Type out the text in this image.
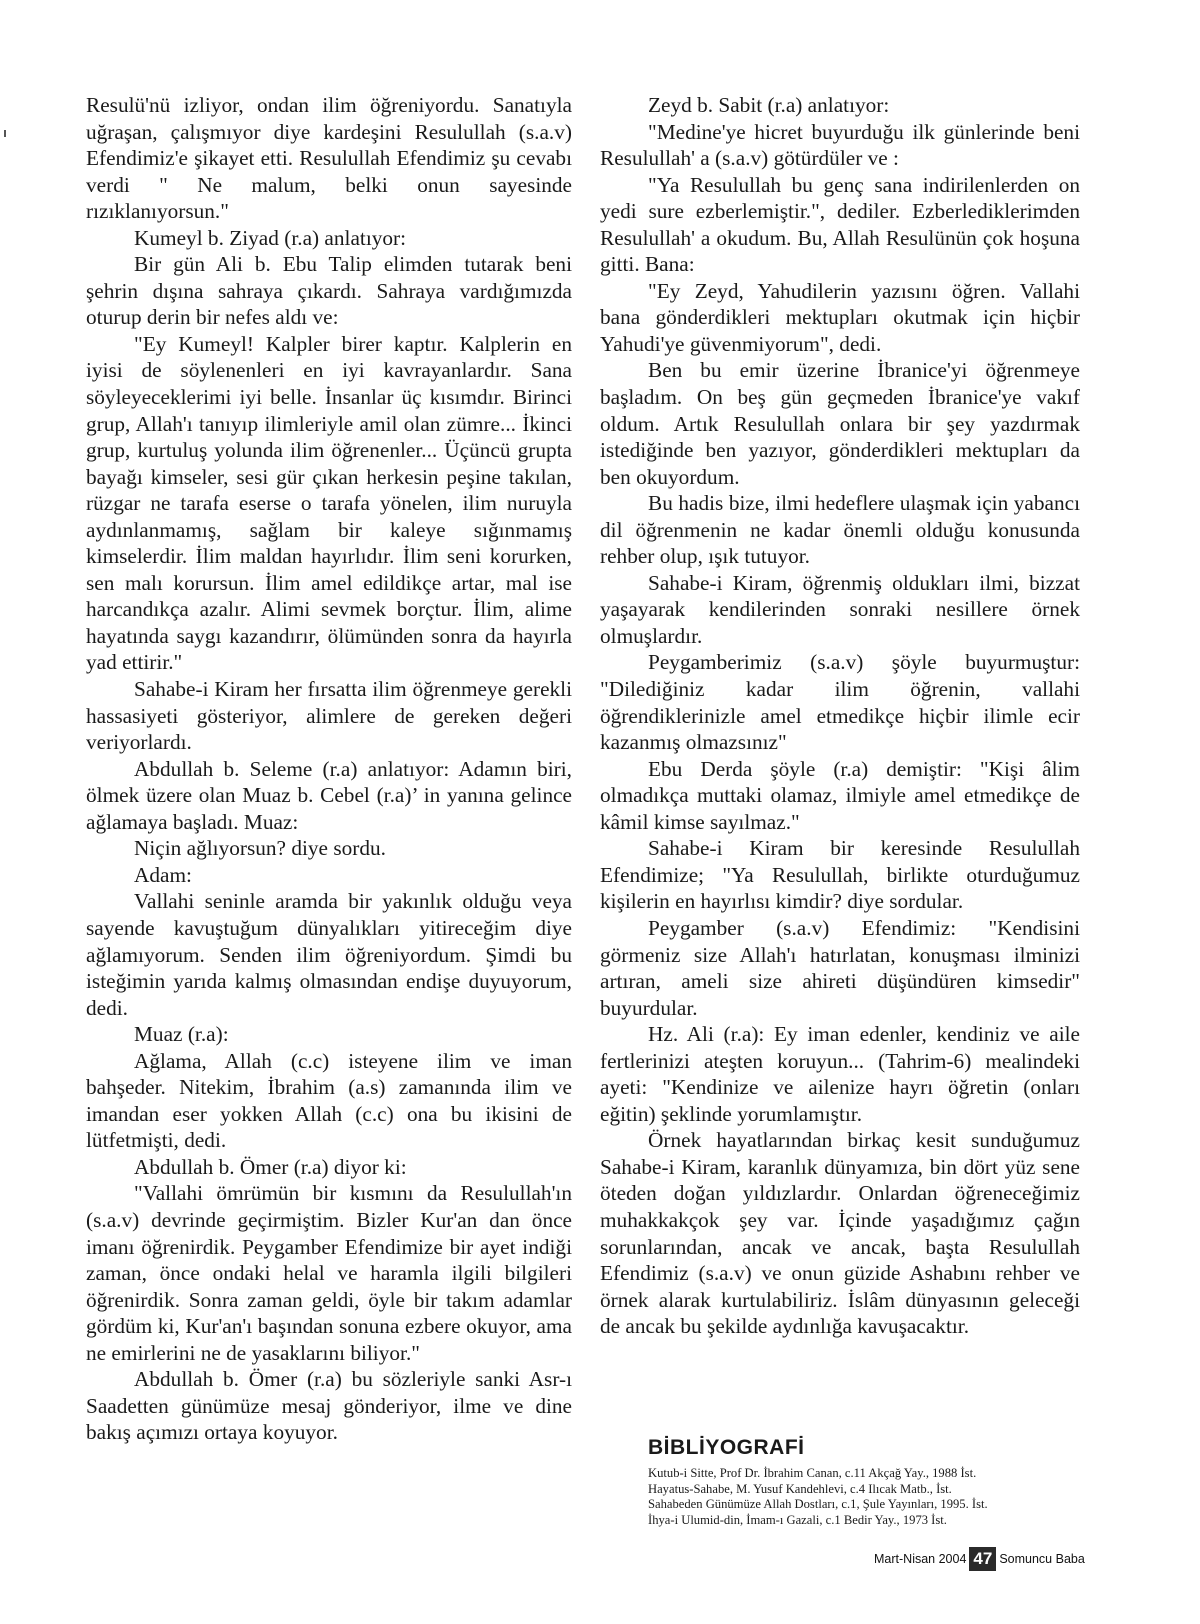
Resulü'nü izliyor, ondan ilim öğreniyordu. Sanatıyla uğraşan, çalışmıyor diye kardeşini Resulullah (s.a.v) Efendimiz'e şikayet etti. Resulullah Efendimiz şu cevabı verdi " Ne malum, belki onun sayesinde rızıklanıyorsun."

Kumeyl b. Ziyad (r.a) anlatıyor:

Bir gün Ali b. Ebu Talip elimden tutarak beni şehrin dışına sahraya çıkardı. Sahraya vardığımızda oturup derin bir nefes aldı ve:

"Ey Kumeyl! Kalpler birer kaptır. Kalplerin en iyisi de söylenenleri en iyi kavrayanlardır. Sana söyleyeceklerimi iyi belle. İnsanlar üç kısımdır. Birinci grup, Allah'ı tanıyıp ilimleriyle amil olan zümre... İkinci grup, kurtuluş yolunda ilim öğrenenler... Üçüncü grupta bayağı kimseler, sesi gür çıkan herkesin peşine takılan, rüzgar ne tarafa eserse o tarafa yönelen, ilim nuruyla aydınlanmamış, sağlam bir kaleye sığınmamış kimselerdir. İlim maldan hayırlıdır. İlim seni korurken, sen malı korursun. İlim amel edildikçe artar, mal ise harcandıkça azalır. Alimi sevmek borçtur. İlim, alime hayatında saygı kazandırır, ölümünden sonra da hayırla yad ettirir."

Sahabe-i Kiram her fırsatta ilim öğrenmeye gerekli hassasiyeti gösteriyor, alimlere de gereken değeri veriyorlardı.

Abdullah b. Seleme (r.a) anlatıyor: Adamın biri, ölmek üzere olan Muaz b. Cebel (r.a)’ in yanına gelince ağlamaya başladı. Muaz:

Niçin ağlıyorsun? diye sordu.

Adam:

Vallahi seninle aramda bir yakınlık olduğu veya sayende kavuştuğum dünyalıkları yitireceğim diye ağlamıyorum. Senden ilim öğreniyordum. Şimdi bu isteğimin yarıda kalmış olmasından endişe duyuyorum, dedi.

Muaz (r.a):

Ağlama, Allah (c.c) isteyene ilim ve iman bahşeder. Nitekim, İbrahim (a.s) zamanında ilim ve imandan eser yokken Allah (c.c) ona bu ikisini de lütfetmişti, dedi.

Abdullah b. Ömer (r.a) diyor ki:

"Vallahi ömrümün bir kısmını da Resulullah'ın (s.a.v) devrinde geçirmiştim. Bizler Kur'an dan önce imanı öğrenirdik. Peygamber Efendimize bir ayet indiği zaman, önce ondaki helal ve haramla ilgili bilgileri öğrenirdik. Sonra zaman geldi, öyle bir takım adamlar gördüm ki, Kur'an'ı başından sonuna ezbere okuyor, ama ne emirlerini ne de yasaklarını biliyor."

Abdullah b. Ömer (r.a) bu sözleriyle sanki Asr-ı Saadetten günümüze mesaj gönderiyor, ilme ve dine bakış açımızı ortaya koyuyor.

Zeyd b. Sabit (r.a) anlatıyor:

"Medine'ye hicret buyurduğu ilk günlerinde beni Resulullah' a (s.a.v) götürdüler ve :

"Ya Resulullah bu genç sana indirilenlerden on yedi sure ezberlemiştir.", dediler. Ezberlediklerimden Resulullah' a okudum. Bu, Allah Resulünün çok hoşuna gitti. Bana:

"Ey Zeyd, Yahudilerin yazısını öğren. Vallahi bana gönderdikleri mektupları okutmak için hiçbir Yahudi'ye güvenmiyorum", dedi.

Ben bu emir üzerine İbranice'yi öğrenmeye başladım. On beş gün geçmeden İbranice'ye vakıf oldum. Artık Resulullah onlara bir şey yazdırmak istediğinde ben yazıyor, gönderdikleri mektupları da ben okuyordum.

Bu hadis bize, ilmi hedeflere ulaşmak için yabancı dil öğrenmenin ne kadar önemli olduğu konusunda rehber olup, ışık tutuyor.

Sahabe-i Kiram, öğrenmiş oldukları ilmi, bizzat yaşayarak kendilerinden sonraki nesillere örnek olmuşlardır.

Peygamberimiz (s.a.v) şöyle buyurmuştur: "Dilediğiniz kadar ilim öğrenin, vallahi öğrendiklerinizle amel etmedikçe hiçbir ilimle ecir kazanmış olmazsınız"

Ebu Derda şöyle (r.a) demiştir: "Kişi âlim olmadıkça muttaki olamaz, ilmiyle amel etmedikçe de kâmil kimse sayılmaz."

Sahabe-i Kiram bir keresinde Resulullah Efendimize; "Ya Resulullah, birlikte oturduğumuz kişilerin en hayırlısı kimdir? diye sordular.

Peygamber (s.a.v) Efendimiz: "Kendisini görmeniz size Allah'ı hatırlatan, konuşması ilminizi artıran, ameli size ahireti düşündüren kimsedir" buyurdular.

Hz. Ali (r.a): Ey iman edenler, kendiniz ve aile fertlerinizi ateşten koruyun... (Tahrim-6) mealindeki ayeti: "Kendinize ve ailenize hayrı öğretin (onları eğitin) şeklinde yorumlamıştır.

Örnek hayatlarından birkaç kesit sunduğumuz Sahabe-i Kiram, karanlık dünyamıza, bin dört yüz sene öteden doğan yıldızlardır. Onlardan öğreneceğimiz muhakkakçok şey var. İçinde yaşadığımız çağın sorunlarından, ancak ve ancak, başta Resulullah Efendimiz (s.a.v) ve onun güzide Ashabını rehber ve örnek alarak kurtulabiliriz. İslâm dünyasının geleceği de ancak bu şekilde aydınlığa kavuşacaktır.

BİBLİYOGRAFİ

Kutub-i Sitte, Prof Dr. İbrahim Canan, c.11 Akçağ Yay., 1988 İst.

Hayatus-Sahabe, M. Yusuf Kandehlevi, c.4 Ilıcak Matb., İst.

Sahabeden Günümüze Allah Dostları, c.1, Şule Yayınları, 1995. İst.

İhya-i Ulumid-din, İmam-ı Gazali, c.1 Bedir Yay., 1973 İst.

Mart-Nisan 2004 47 Somuncu Baba
